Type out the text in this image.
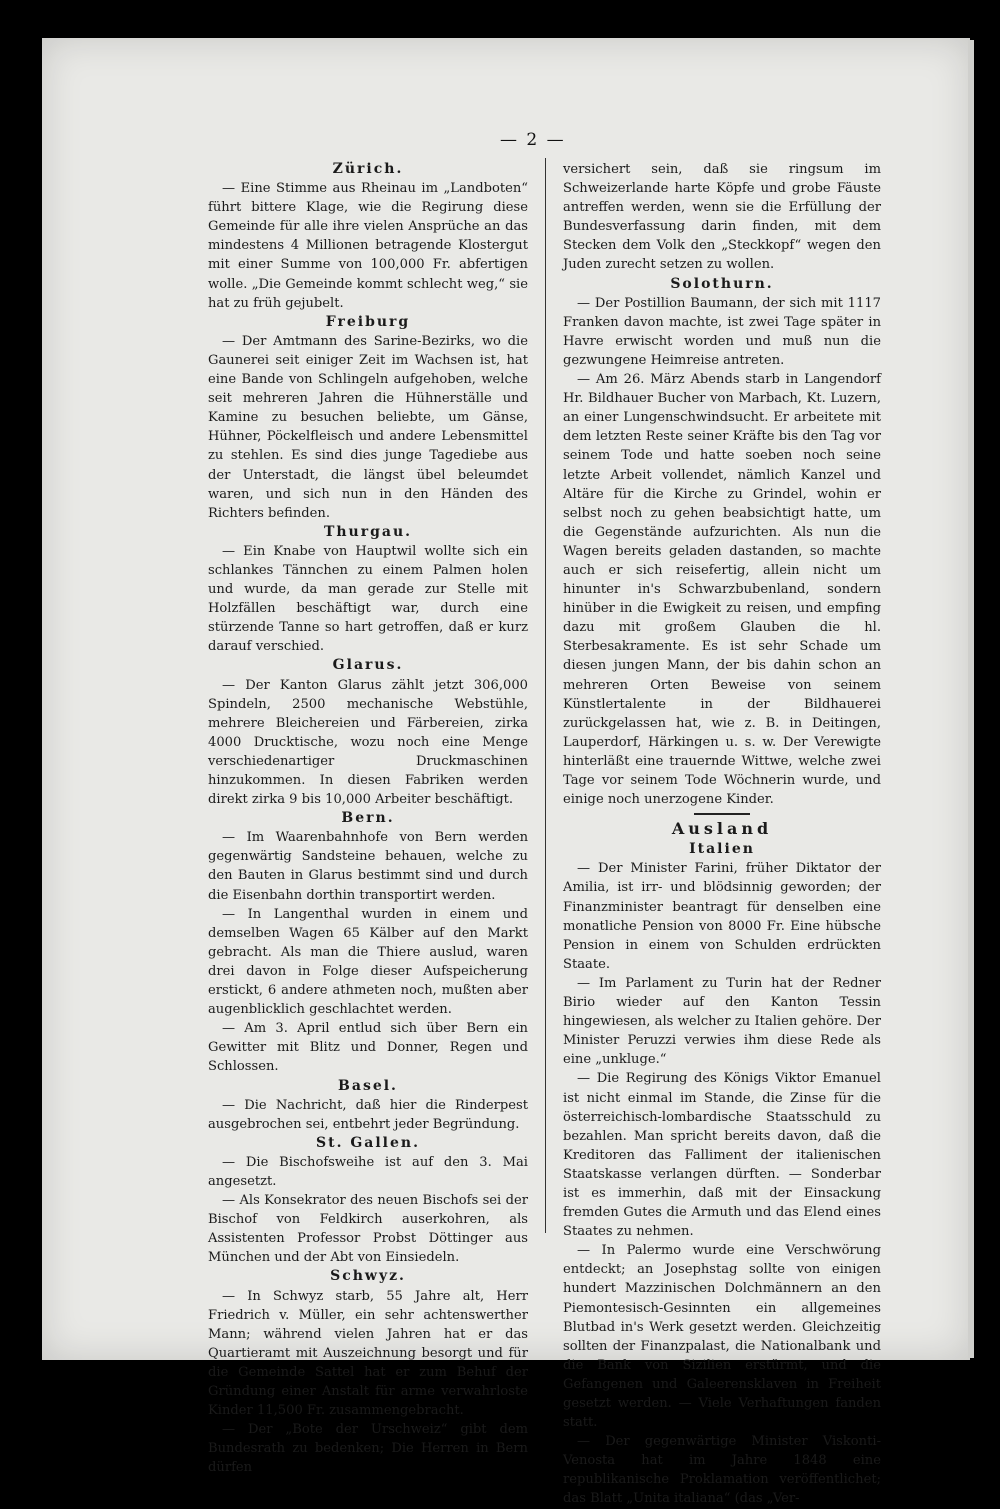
— 2 —
Zürich.

— Eine Stimme aus Rheinau im „Landboten“ führt bittere Klage, wie die Regirung diese Gemeinde für alle ihre vielen Ansprüche an das mindestens 4 Millionen betragende Klostergut mit einer Summe von 100,000 Fr. abfertigen wolle. „Die Gemeinde kommt schlecht weg,“ sie hat zu früh gejubelt.

Freiburg

— Der Amtmann des Sarine-Bezirks, wo die Gaunerei seit einiger Zeit im Wachsen ist, hat eine Bande von Schlingeln aufgehoben, welche seit mehreren Jahren die Hühnerställe und Kamine zu besuchen beliebte, um Gänse, Hühner, Pöckelfleisch und andere Lebensmittel zu stehlen. Es sind dies junge Tagediebe aus der Unterstadt, die längst übel beleumdet waren, und sich nun in den Händen des Richters befinden.

Thurgau.

— Ein Knabe von Hauptwil wollte sich ein schlankes Tännchen zu einem Palmen holen und wurde, da man gerade zur Stelle mit Holzfällen beschäftigt war, durch eine stürzende Tanne so hart getroffen, daß er kurz darauf verschied.

Glarus.

— Der Kanton Glarus zählt jetzt 306,000 Spindeln, 2500 mechanische Webstühle, mehrere Bleichereien und Färbereien, zirka 4000 Drucktische, wozu noch eine Menge verschiedenartiger Druckmaschinen hinzukommen. In diesen Fabriken werden direkt zirka 9 bis 10,000 Arbeiter beschäftigt.

Bern.

— Im Waarenbahnhofe von Bern werden gegenwärtig Sandsteine behauen, welche zu den Bauten in Glarus bestimmt sind und durch die Eisenbahn dorthin transportirt werden.

— In Langenthal wurden in einem und demselben Wagen 65 Kälber auf den Markt gebracht. Als man die Thiere auslud, waren drei davon in Folge dieser Aufspeicherung erstickt, 6 andere athmeten noch, mußten aber augenblicklich geschlachtet werden.

— Am 3. April entlud sich über Bern ein Gewitter mit Blitz und Donner, Regen und Schlossen.

Basel.

— Die Nachricht, daß hier die Rinderpest ausgebrochen sei, entbehrt jeder Begründung.

St. Gallen.

— Die Bischofsweihe ist auf den 3. Mai angesetzt.

— Als Konsekrator des neuen Bischofs sei der Bischof von Feldkirch auserkohren, als Assistenten Professor Probst Döttinger aus München und der Abt von Einsiedeln.

Schwyz.

— In Schwyz starb, 55 Jahre alt, Herr Friedrich v. Müller, ein sehr achtenswerther Mann; während vielen Jahren hat er das Quartieramt mit Auszeichnung besorgt und für die Gemeinde Sattel hat er zum Behuf der Gründung einer Anstalt für arme verwahrloste Kinder 11,500 Fr. zusammengebracht.

— Der „Bote der Urschweiz“ gibt dem Bundesrath zu bedenken; Die Herren in Bern dürfen

versichert sein, daß sie ringsum im Schweizerlande harte Köpfe und grobe Fäuste antreffen werden, wenn sie die Erfüllung der Bundesverfassung darin finden, mit dem Stecken dem Volk den „Steckkopf“ wegen den Juden zurecht setzen zu wollen.

Solothurn.

— Der Postillion Baumann, der sich mit 1117 Franken davon machte, ist zwei Tage später in Havre erwischt worden und muß nun die gezwungene Heimreise antreten.

— Am 26. März Abends starb in Langendorf Hr. Bildhauer Bucher von Marbach, Kt. Luzern, an einer Lungenschwindsucht. Er arbeitete mit dem letzten Reste seiner Kräfte bis den Tag vor seinem Tode und hatte soeben noch seine letzte Arbeit vollendet, nämlich Kanzel und Altäre für die Kirche zu Grindel, wohin er selbst noch zu gehen beabsichtigt hatte, um die Gegenstände aufzurichten. Als nun die Wagen bereits geladen dastanden, so machte auch er sich reisefertig, allein nicht um hinunter in's Schwarzbubenland, sondern hinüber in die Ewigkeit zu reisen, und empfing dazu mit großem Glauben die hl. Sterbesakramente. Es ist sehr Schade um diesen jungen Mann, der bis dahin schon an mehreren Orten Beweise von seinem Künstlertalente in der Bildhauerei zurückgelassen hat, wie z. B. in Deitingen, Lauperdorf, Härkingen u. s. w. Der Verewigte hinterläßt eine trauernde Wittwe, welche zwei Tage vor seinem Tode Wöchnerin wurde, und einige noch unerzogene Kinder.

Ausland
Italien

— Der Minister Farini, früher Diktator der Amilia, ist irr- und blödsinnig geworden; der Finanzminister beantragt für denselben eine monatliche Pension von 8000 Fr. Eine hübsche Pension in einem von Schulden erdrückten Staate.

— Im Parlament zu Turin hat der Redner Birio wieder auf den Kanton Tessin hingewiesen, als welcher zu Italien gehöre. Der Minister Peruzzi verwies ihm diese Rede als eine „unkluge.“

— Die Regirung des Königs Viktor Emanuel ist nicht einmal im Stande, die Zinse für die österreichisch-lombardische Staatsschuld zu bezahlen. Man spricht bereits davon, daß die Kreditoren das Falliment der italienischen Staatskasse verlangen dürften. — Sonderbar ist es immerhin, daß mit der Einsackung fremden Gutes die Armuth und das Elend eines Staates zu nehmen.

— In Palermo wurde eine Verschwörung entdeckt; an Josephstag sollte von einigen hundert Mazzinischen Dolchmännern an den Piemontesisch-Gesinnten ein allgemeines Blutbad in's Werk gesetzt werden. Gleichzeitig sollten der Finanzpalast, die Nationalbank und die Bank von Sizilien erstürmt, und die Gefangenen und Galeerensklaven in Freiheit gesetzt werden. — Viele Verhaftungen fanden statt.

— Der gegenwärtige Minister Viskonti-Venosta hat im Jahre 1848 eine republikanische Proklamation veröffentlichet; das Blatt „Unita italiana“ (das „Ver-
